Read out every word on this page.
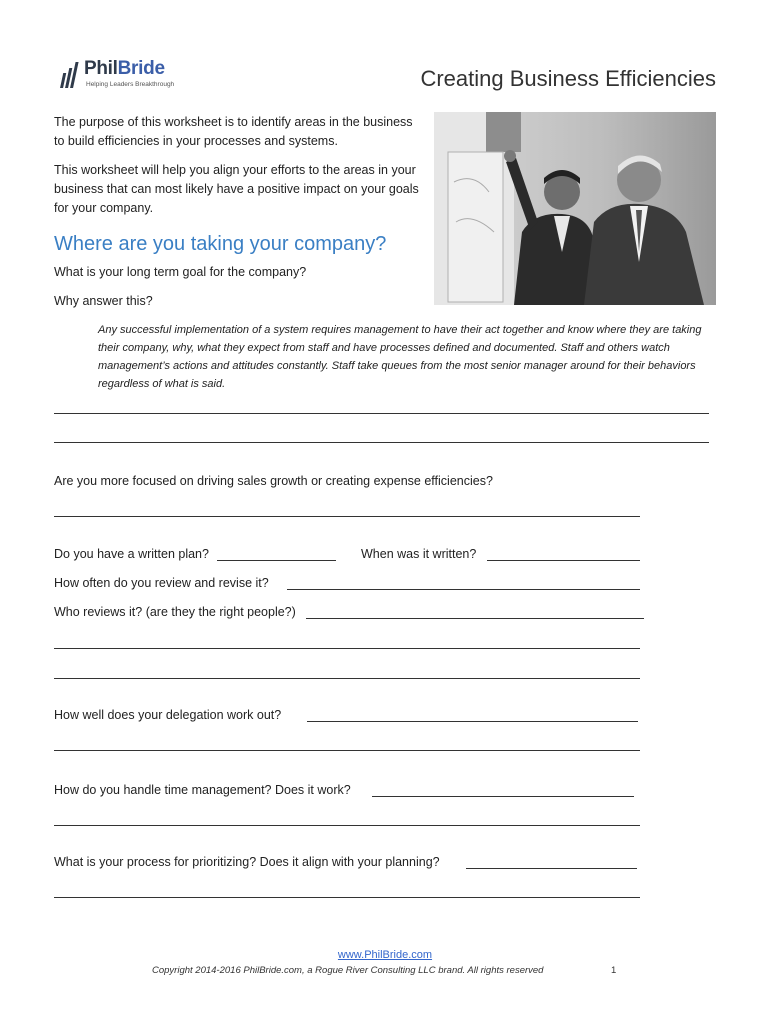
PhilBride
Helping Leaders Breakthrough	Creating Business Efficiencies
The purpose of this worksheet is to identify areas in the business to build efficiencies in your processes and systems.
This worksheet will help you align your efforts to the areas in your business that can most likely have a positive impact on your goals for your company.
Where are you taking your company?
What is your long term goal for the company?
Why answer this?
Any successful implementation of a system requires management to have their act together and know where they are taking their company, why, what they expect from staff and have processes defined and documented. Staff and others watch management’s actions and attitudes constantly. Staff take queues from the most senior manager around for their behaviors regardless of what is said.
Are you more focused on driving sales growth or creating expense efficiencies?
Do you have a written plan?	When was it written?
How often do you review and revise it?
Who reviews it? (are they the right people?)
How well does your delegation work out?
How do you handle time management? Does it work?
What is your process for prioritizing? Does it align with your planning?
www.PhilBride.com
Copyright 2014-2016 PhilBride.com, a Rogue River Consulting LLC brand. All rights reserved	1
